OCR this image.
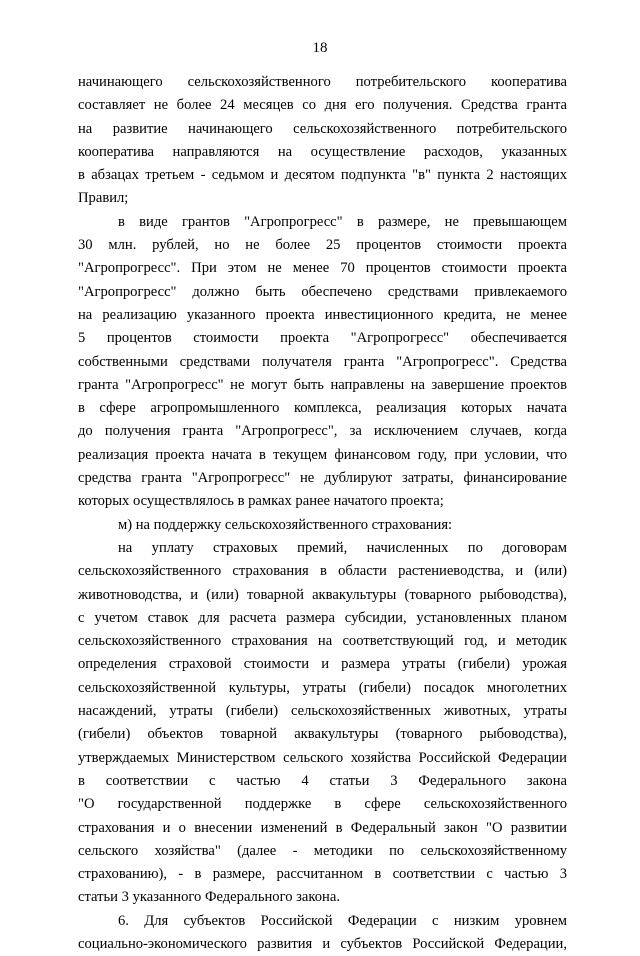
18
начинающего сельскохозяйственного потребительского кооператива
составляет не более 24 месяцев со дня его получения. Средства гранта
на развитие начинающего сельскохозяйственного потребительского
кооператива направляются на осуществление расходов, указанных
в абзацах третьем - седьмом и десятом подпункта "в" пункта 2 настоящих
Правил;
в виде грантов "Агропрогресс" в размере, не превышающем
30 млн. рублей, но не более 25 процентов стоимости проекта
"Агропрогресс". При этом не менее 70 процентов стоимости проекта
"Агропрогресс" должно быть обеспечено средствами привлекаемого
на реализацию указанного проекта инвестиционного кредита, не менее
5 процентов стоимости проекта "Агропрогресс" обеспечивается
собственными средствами получателя гранта "Агропрогресс". Средства
гранта "Агропрогресс" не могут быть направлены на завершение проектов
в сфере агропромышленного комплекса, реализация которых начата
до получения гранта "Агропрогресс", за исключением случаев, когда
реализация проекта начата в текущем финансовом году, при условии, что
средства гранта "Агропрогресс" не дублируют затраты, финансирование
которых осуществлялось в рамках ранее начатого проекта;
м) на поддержку сельскохозяйственного страхования:
на уплату страховых премий, начисленных по договорам
сельскохозяйственного страхования в области растениеводства, и (или)
животноводства, и (или) товарной аквакультуры (товарного рыбоводства),
с учетом ставок для расчета размера субсидии, установленных планом
сельскохозяйственного страхования на соответствующий год, и методик
определения страховой стоимости и размера утраты (гибели) урожая
сельскохозяйственной культуры, утраты (гибели) посадок многолетних
насаждений, утраты (гибели) сельскохозяйственных животных, утраты
(гибели) объектов товарной аквакультуры (товарного рыбоводства),
утверждаемых Министерством сельского хозяйства Российской Федерации
в соответствии с частью 4 статьи 3 Федерального закона
"О государственной поддержке в сфере сельскохозяйственного
страхования и о внесении изменений в Федеральный закон "О развитии
сельского хозяйства" (далее - методики по сельскохозяйственному
страхованию), - в размере, рассчитанном в соответствии с частью 3
статьи 3 указанного Федерального закона.
6. Для субъектов Российской Федерации с низким уровнем
социально-экономического развития и субъектов Российской Федерации,
